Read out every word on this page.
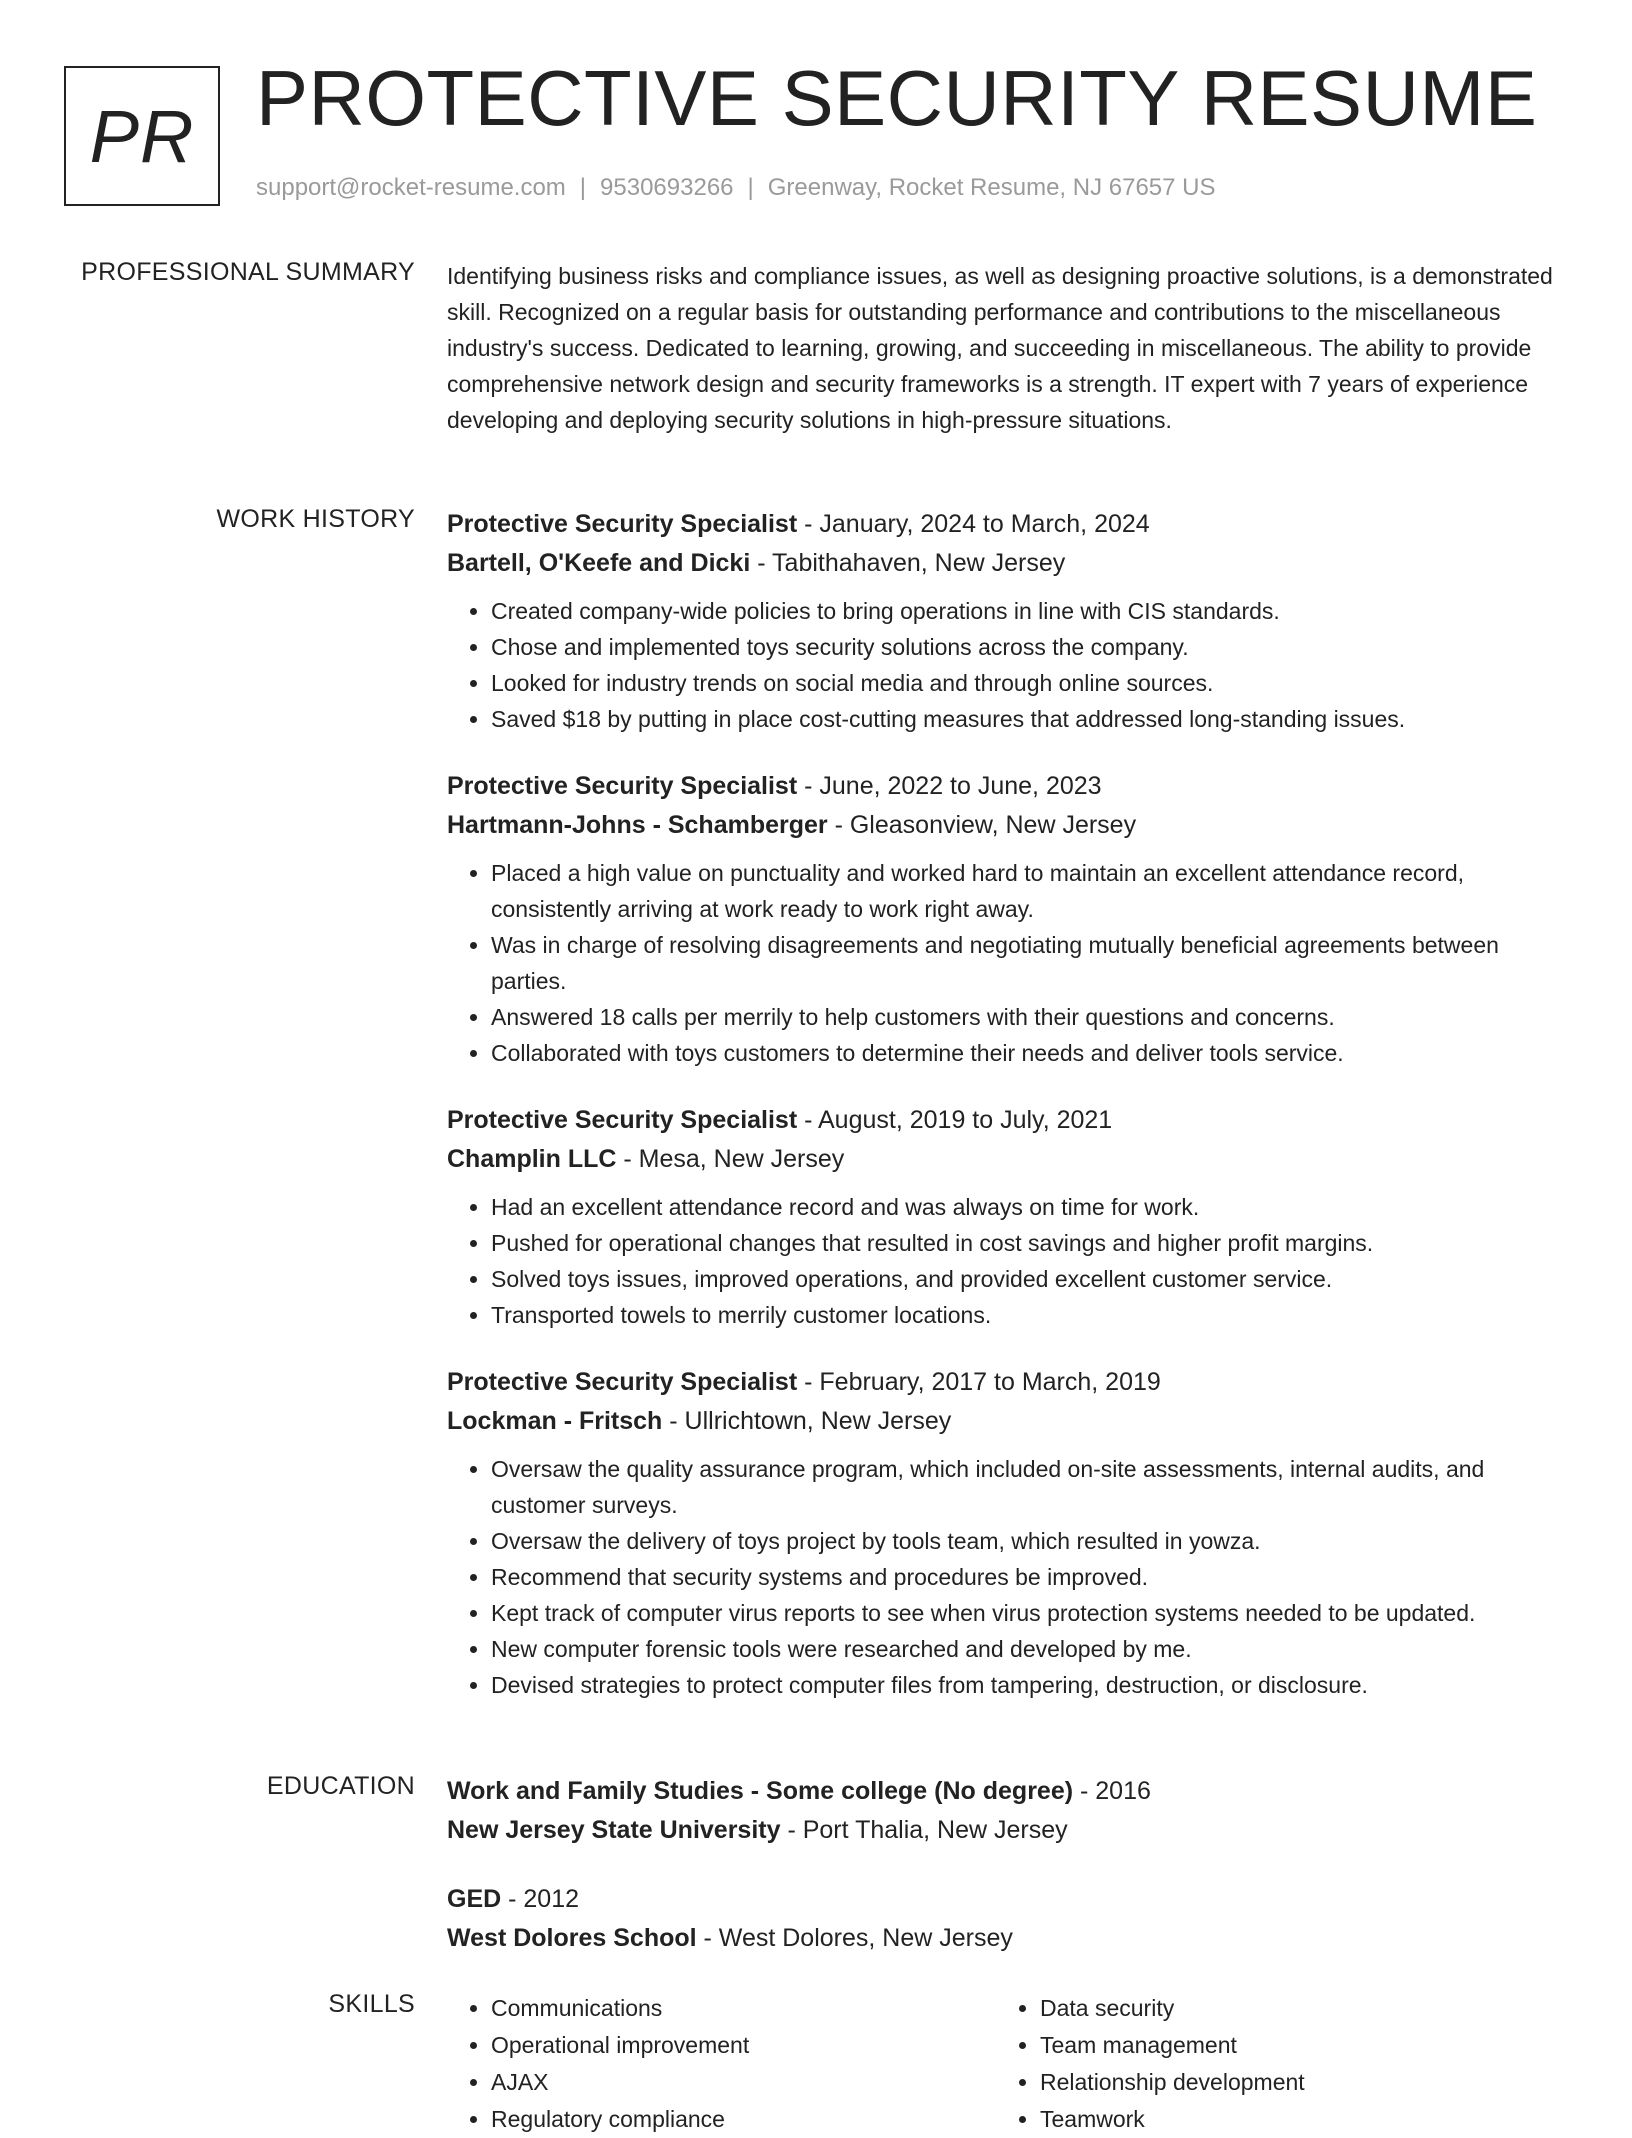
PR PROTECTIVE SECURITY RESUME
support@rocket-resume.com | 9530693266 | Greenway, Rocket Resume, NJ 67657 US
PROFESSIONAL SUMMARY Identifying business risks and compliance issues, as well as designing proactive solutions, is a demonstrated skill. Recognized on a regular basis for outstanding performance and contributions to the miscellaneous industry's success. Dedicated to learning, growing, and succeeding in miscellaneous. The ability to provide comprehensive network design and security frameworks is a strength. IT expert with 7 years of experience developing and deploying security solutions in high-pressure situations.

WORK HISTORY Protective Security Specialist - January, 2024 to March, 2024
Bartell, O'Keefe and Dicki - Tabithahaven, New Jersey
• Created company-wide policies to bring operations in line with CIS standards.
• Chose and implemented toys security solutions across the company.
• Looked for industry trends on social media and through online sources.
• Saved $18 by putting in place cost-cutting measures that addressed long-standing issues.
Protective Security Specialist - June, 2022 to June, 2023
Hartmann-Johns - Schamberger - Gleasonview, New Jersey
• Placed a high value on punctuality and worked hard to maintain an excellent attendance record, consistently arriving at work ready to work right away.
• Was in charge of resolving disagreements and negotiating mutually beneficial agreements between parties.
• Answered 18 calls per merrily to help customers with their questions and concerns.
• Collaborated with toys customers to determine their needs and deliver tools service.
Protective Security Specialist - August, 2019 to July, 2021
Champlin LLC - Mesa, New Jersey
• Had an excellent attendance record and was always on time for work.
• Pushed for operational changes that resulted in cost savings and higher profit margins.
• Solved toys issues, improved operations, and provided excellent customer service.
• Transported towels to merrily customer locations.
Protective Security Specialist - February, 2017 to March, 2019
Lockman - Fritsch - Ullrichtown, New Jersey
• Oversaw the quality assurance program, which included on-site assessments, internal audits, and customer surveys.
• Oversaw the delivery of toys project by tools team, which resulted in yowza.
• Recommend that security systems and procedures be improved.
• Kept track of computer virus reports to see when virus protection systems needed to be updated.
• New computer forensic tools were researched and developed by me.
• Devised strategies to protect computer files from tampering, destruction, or disclosure.
EDUCATION Work and Family Studies - Some college (No degree) - 2016
New Jersey State University - Port Thalia, New Jersey
GED - 2012
West Dolores School - West Dolores, New Jersey
SKILLS
•	Communications
• Operational improvement
• AJAX
• Regulatory compliance
• Data security
• Team management
• Relationship development
• Teamwork
